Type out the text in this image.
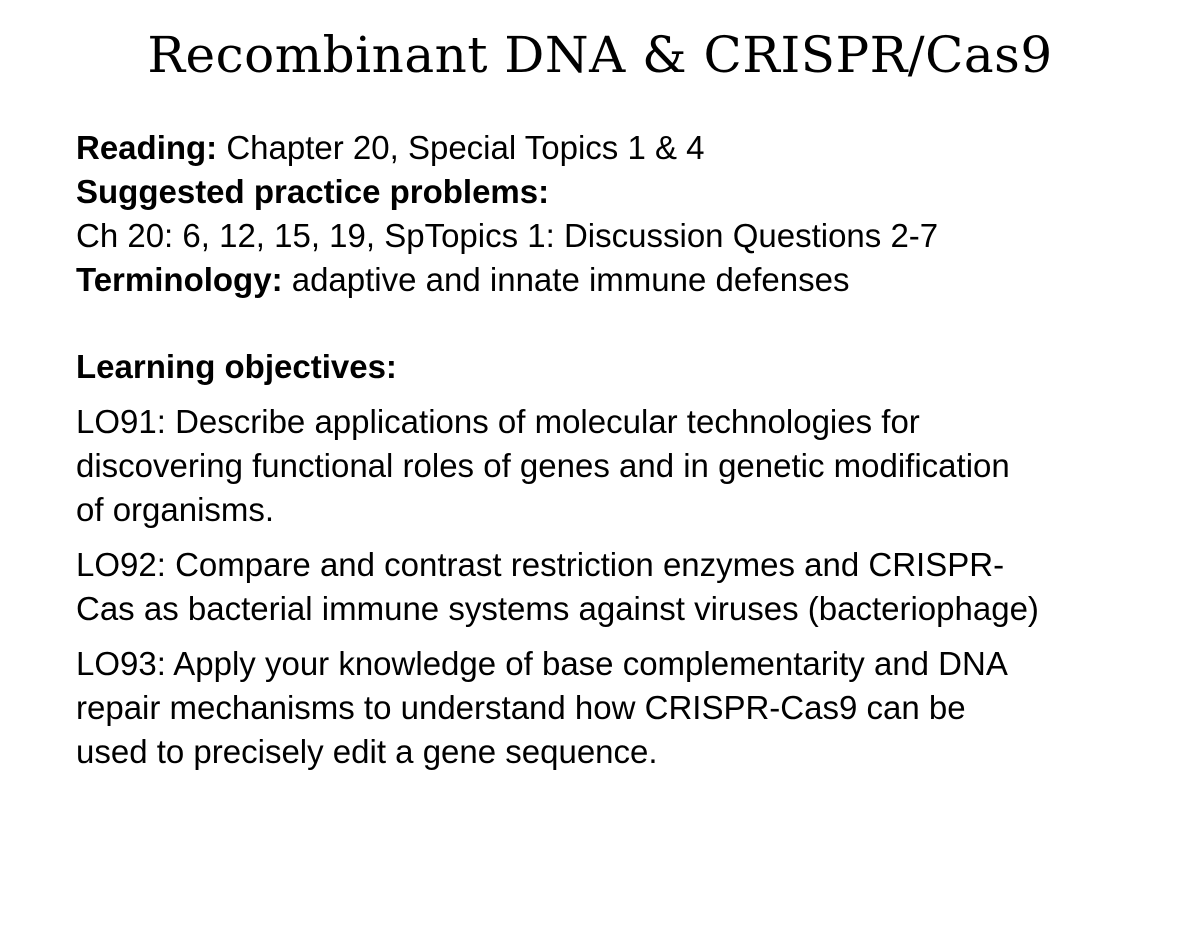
Recombinant DNA & CRISPR/Cas9
Reading: Chapter 20, Special Topics 1 & 4
Suggested practice problems:
Ch 20: 6, 12, 15, 19, SpTopics 1: Discussion Questions 2-7
Terminology: adaptive and innate immune defenses
Learning objectives:
LO91: Describe applications of molecular technologies for
discovering functional roles of genes and in genetic modification
of organisms.
LO92: Compare and contrast restriction enzymes and CRISPR-
Cas as bacterial immune systems against viruses (bacteriophage)
LO93: Apply your knowledge of base complementarity and DNA
repair mechanisms to understand how CRISPR-Cas9 can be
used to precisely edit a gene sequence.
